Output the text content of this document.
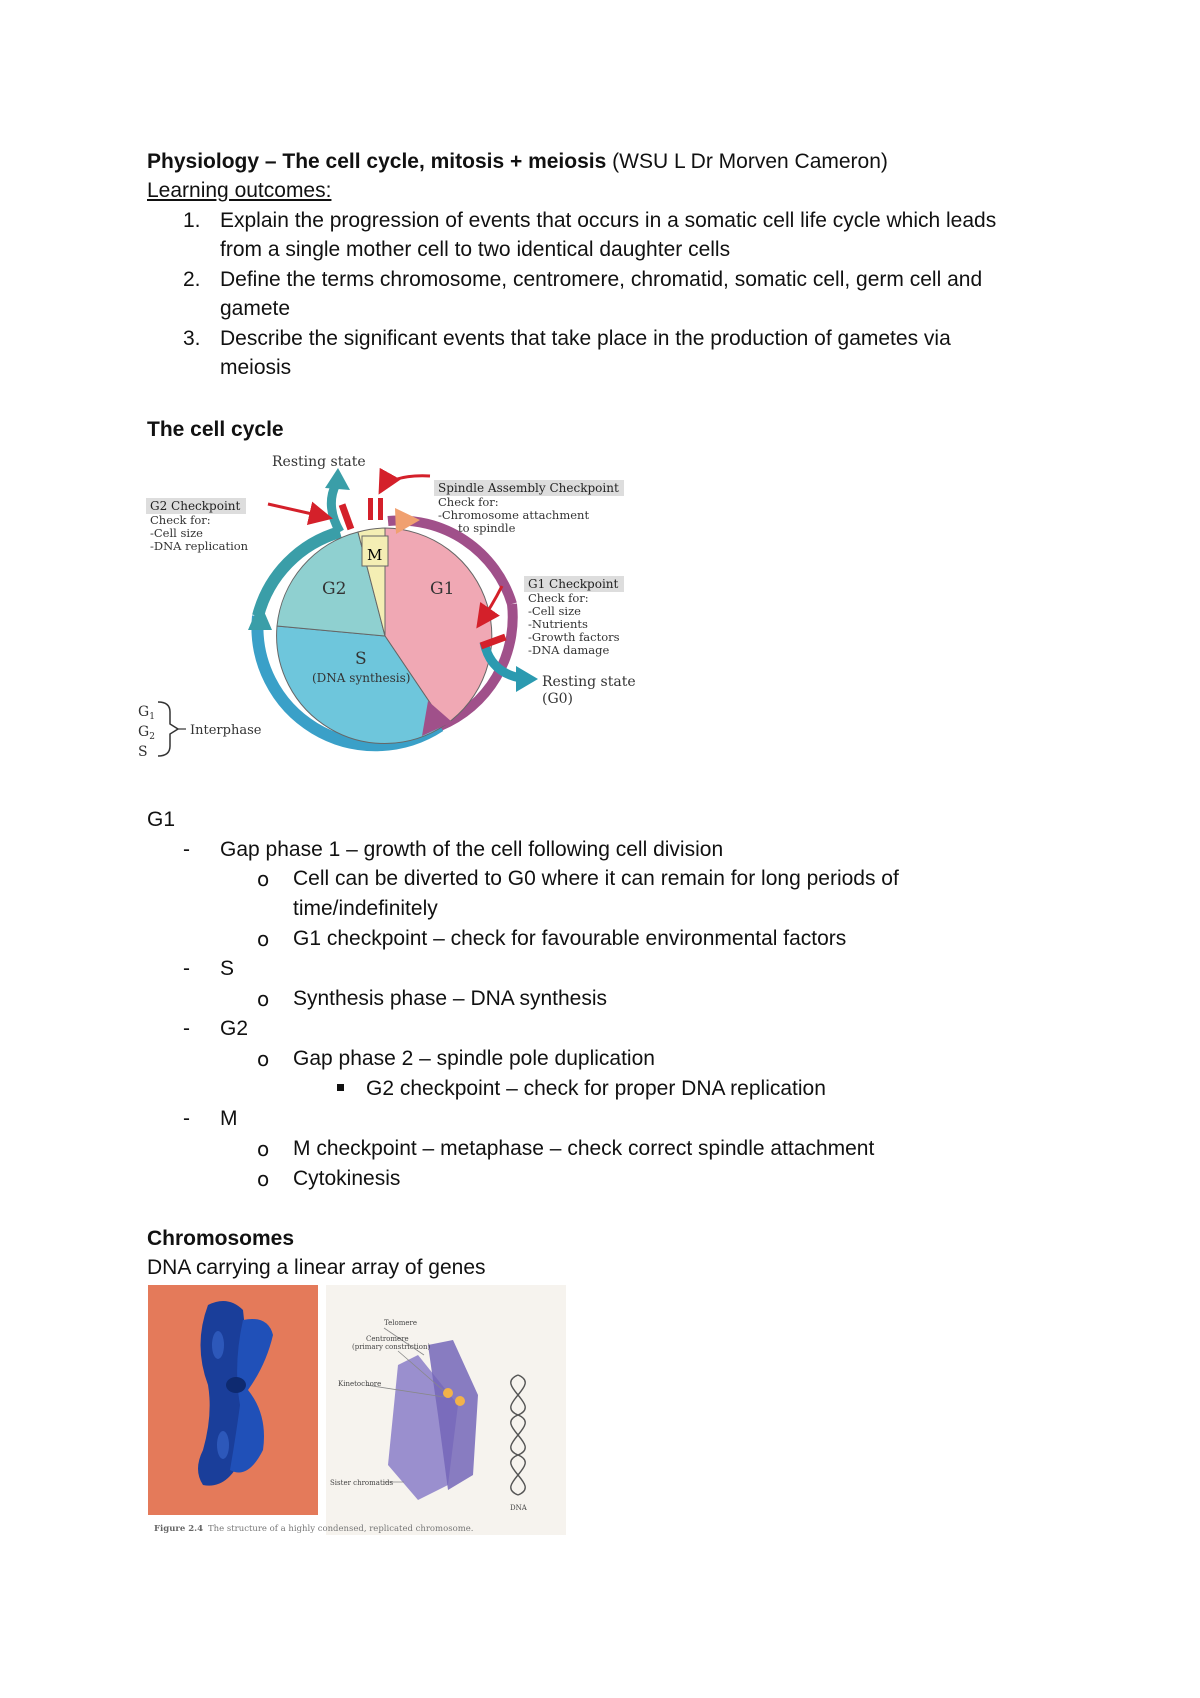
Physiology – The cell cycle, mitosis + meiosis (WSU L Dr Morven Cameron)
Learning outcomes:
1. Explain the progression of events that occurs in a somatic cell life cycle which leads
from a single mother cell to two identical daughter cells
2. Define the terms chromosome, centromere, chromatid, somatic cell, germ cell and
gamete
3. Describe the significant events that take place in the production of gametes via
meiosis
The cell cycle
M
G1
G2
S
(DNA synthesis)
Resting state
Spindle Assembly Checkpoint
Check for:
-Chromosome attachment
to spindle
G2 Checkpoint
Check for:
-Cell size
-DNA replication
G1 Checkpoint
Check for:
-Cell size
-Nutrients
-Growth factors
-DNA damage
Resting state
(G0)
$G_1$
$G_2$
S
Interphase
G1
- Gap phase 1 – growth of the cell following cell division
o Cell can be diverted to G0 where it can remain for long periods of
time/indefinitely
o G1 checkpoint – check for favourable environmental factors
- S
o Synthesis phase – DNA synthesis
- G2
o Gap phase 2 – spindle pole duplication
G2 checkpoint – check for proper DNA replication
- M
o M checkpoint – metaphase – check correct spindle attachment
o Cytokinesis
Chromosomes
DNA carrying a linear array of genes
Telomere
Centromere
(primary constriction)
Kinetochore
Sister chromatids
DNA
Figure 2.4 The structure of a highly condensed, replicated chromosome.
